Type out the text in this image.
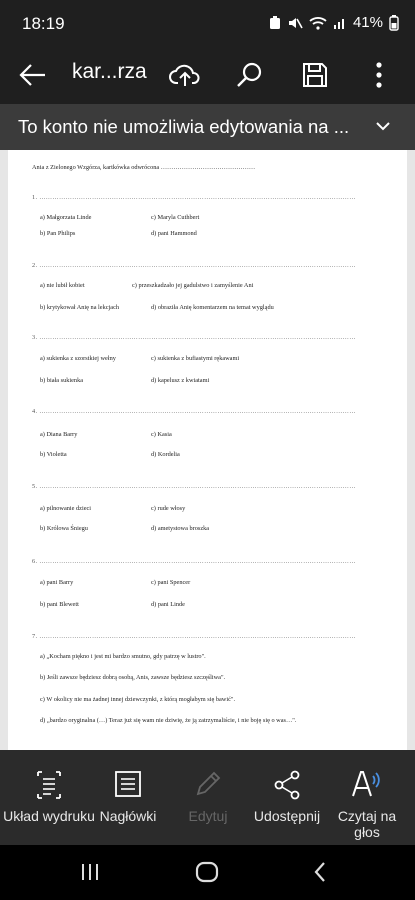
18:19	41%
kar...rza
To konto nie umożliwia edytowania na ...
Ania z Zielonego Wzgórza, kartkówka odwrócona ………………………………………
1. ………………………………………………………………………………………………………………………………
a) Małgorzata Linde	c) Maryla Cuthbert
b) Pan Philips	d) pani Hammond
2. ………………………………………………………………………………………………………………………………
a) nie lubił kobiet	c) przeszkadzało jej gadulstwo i zamyślenie Ani
b) krytykował Anię na lekcjach	d) obraziła Anię komentarzem na temat wyglądu
3. ………………………………………………………………………………………………………………………………
a) sukienka z szorstkiej wełny	c) sukienka z bufiastymi rękawami
b) biała sukienka	d) kapelusz z kwiatami
4. ………………………………………………………………………………………………………………………………
a) Diana Barry	c) Kasia
b) Violetta	d) Kordelia
5. ………………………………………………………………………………………………………………………………
a) pilnowanie dzieci	c) rude włosy
b) Królowa Śniegu	d) ametystowa broszka
6. ………………………………………………………………………………………………………………………………
a) pani Barry	c) pani Spencer
b) pani Blewett	d) pani Linde
7. ………………………………………………………………………………………………………………………………
a) „Kocham piękno i jest mi bardzo smutno, gdy patrzę w lustro".
b) Jeśli zawsze będziesz dobrą osobą, Anis, zawsze będziesz szczęśliwa".
c) W okolicy nie ma żadnej innej dziewczynki, z którą mogłabym się bawić".
d) „bardzo oryginalna (…) Teraz już się wam nie dziwię, że ją zatrzymaliście, i nie boję się o was…".
Układ wydruku Nagłówki	Edytuj	Udostępnij	Czytaj na głos
